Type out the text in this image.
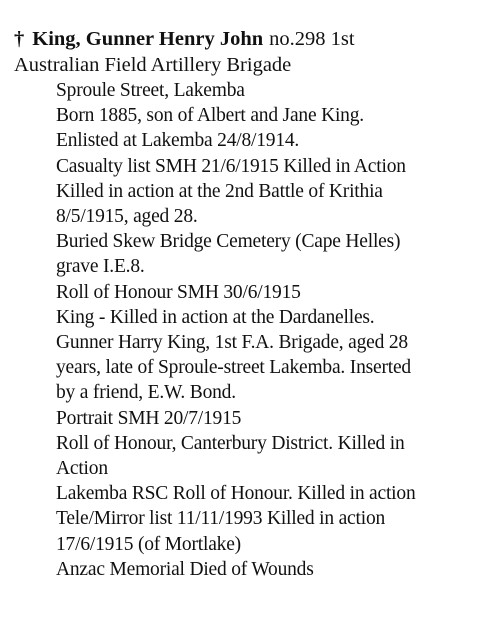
† King, Gunner Henry John no.298 1st
Australian Field Artillery Brigade

Sproule Street, Lakemba

Born 1885, son of Albert and Jane King.

Enlisted at Lakemba 24/8/1914.

Casualty list SMH 21/6/1915 Killed in Action

Killed in action at the 2nd Battle of Krithia

8/5/1915, aged 28.

Buried Skew Bridge Cemetery (Cape Helles)

grave I.E.8.

Roll of Honour SMH 30/6/1915

King - Killed in action at the Dardanelles.

Gunner Harry King, 1st F.A. Brigade, aged 28

years, late of Sproule-street Lakemba. Inserted

by a friend, E.W. Bond.

Portrait SMH 20/7/1915

Roll of Honour, Canterbury District. Killed in

Action

Lakemba RSC Roll of Honour. Killed in action

Tele/Mirror list 11/11/1993 Killed in action

17/6/1915 (of Mortlake)

Anzac Memorial Died of Wounds
